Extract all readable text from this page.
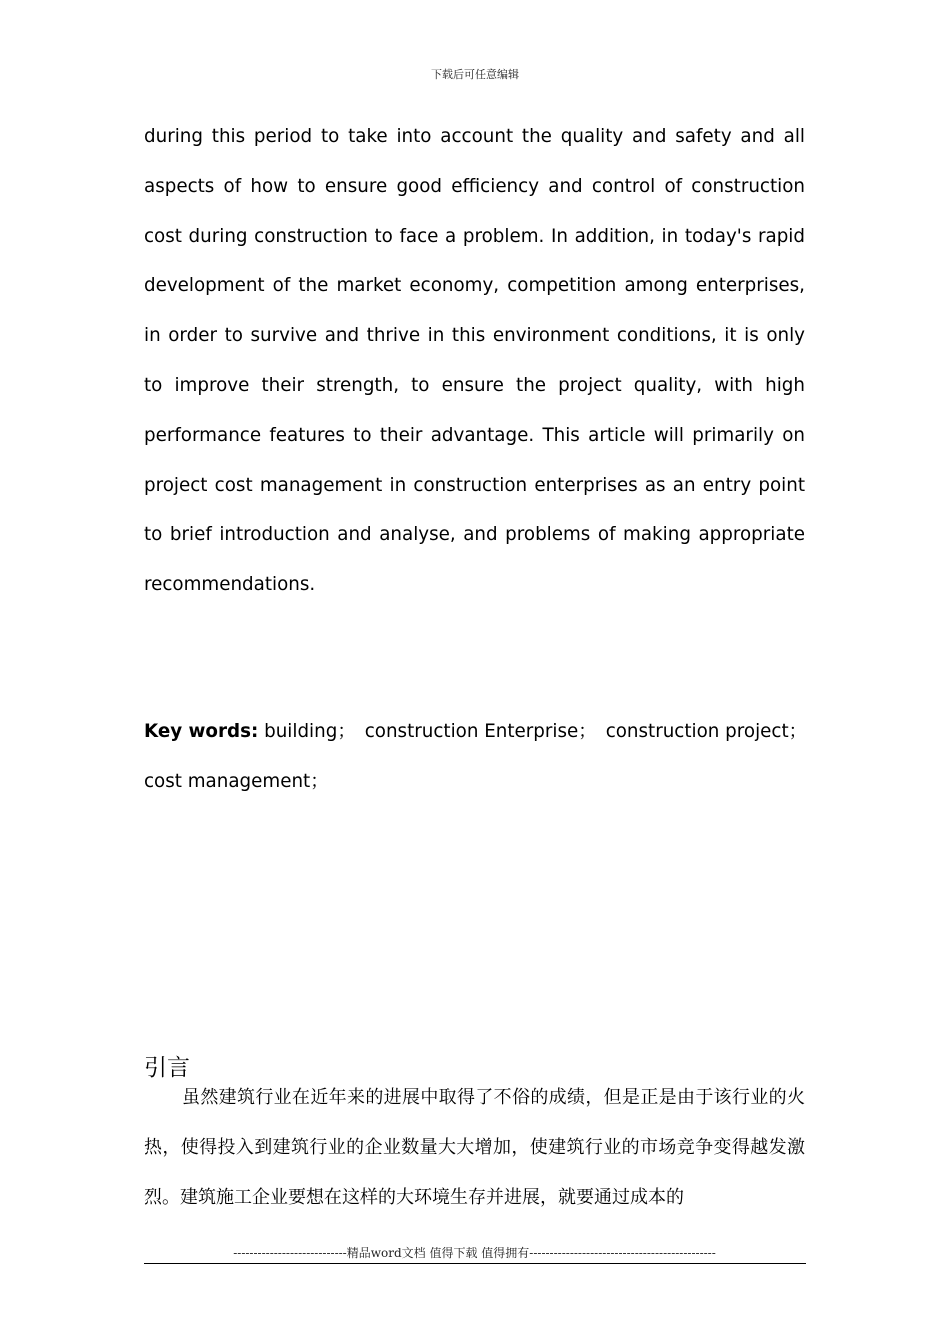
下载后可任意编辑

during this period to take into account the quality and safety and all aspects of how to ensure good efficiency and control of construction cost during construction to face a problem. In addition, in today's rapid development of the market economy, competition among enterprises, in order to survive and thrive in this environment conditions, it is only to improve their strength, to ensure the project quality, with high performance features to their advantage. This article will primarily on project cost management in construction enterprises as an entry point to brief introduction and analyse, and problems of making appropriate recommendations.

Key words: building；　construction Enterprise；　construction project；　cost management；

引言

虽然建筑行业在近年来的进展中取得了不俗的成绩，但是正是由于该行业的火热，使得投入到建筑行业的企业数量大大增加，使建筑行业的市场竞争变得越发激烈。建筑施工企业要想在这样的大环境生存并进展，就要通过成本的

----------------------------精品word文档 值得下载 值得拥有----------------------------------------------
